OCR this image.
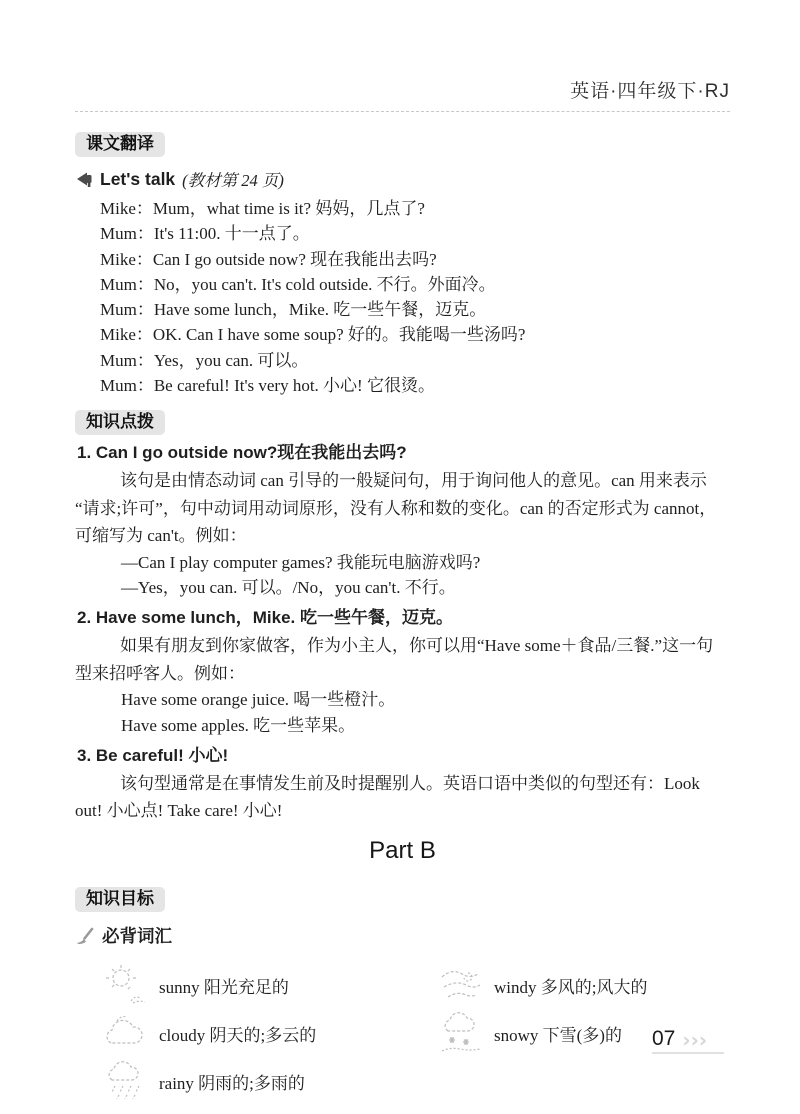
英语·四年级下·RJ
课文翻译
Let's talk (教材第 24 页)
Mike：Mum，what time is it? 妈妈，几点了?
Mum：It's 11:00. 十一点了。
Mike：Can I go outside now? 现在我能出去吗?
Mum：No，you can't. It's cold outside. 不行。外面冷。
Mum：Have some lunch，Mike. 吃一些午餐，迈克。
Mike：OK. Can I have some soup? 好的。我能喝一些汤吗?
Mum：Yes，you can. 可以。
Mum：Be careful! It's very hot. 小心! 它很烫。
知识点拨
1. Can I go outside now?现在我能出去吗?
该句是由情态动词 can 引导的一般疑问句，用于询问他人的意见。can 用来表示
“请求;许可”，句中动词用动词原形，没有人称和数的变化。can 的否定形式为 cannot，
可缩写为 can't。例如：
—Can I play computer games? 我能玩电脑游戏吗?
—Yes，you can. 可以。/No，you can't. 不行。
2. Have some lunch，Mike. 吃一些午餐，迈克。
如果有朋友到你家做客，作为小主人，你可以用“Have some＋食品/三餐.”这一句
型来招呼客人。例如：
Have some orange juice. 喝一些橙汁。
Have some apples. 吃一些苹果。
3. Be careful! 小心!
该句型通常是在事情发生前及时提醒别人。英语口语中类似的句型还有：Look
out! 小心点! Take care! 小心!
Part B
知识目标
必背词汇
sunny 阳光充足的	windy 多风的;风大的
cloudy 阴天的;多云的	snowy 下雪(多)的
rainy 阴雨的;多雨的
07 ›››
